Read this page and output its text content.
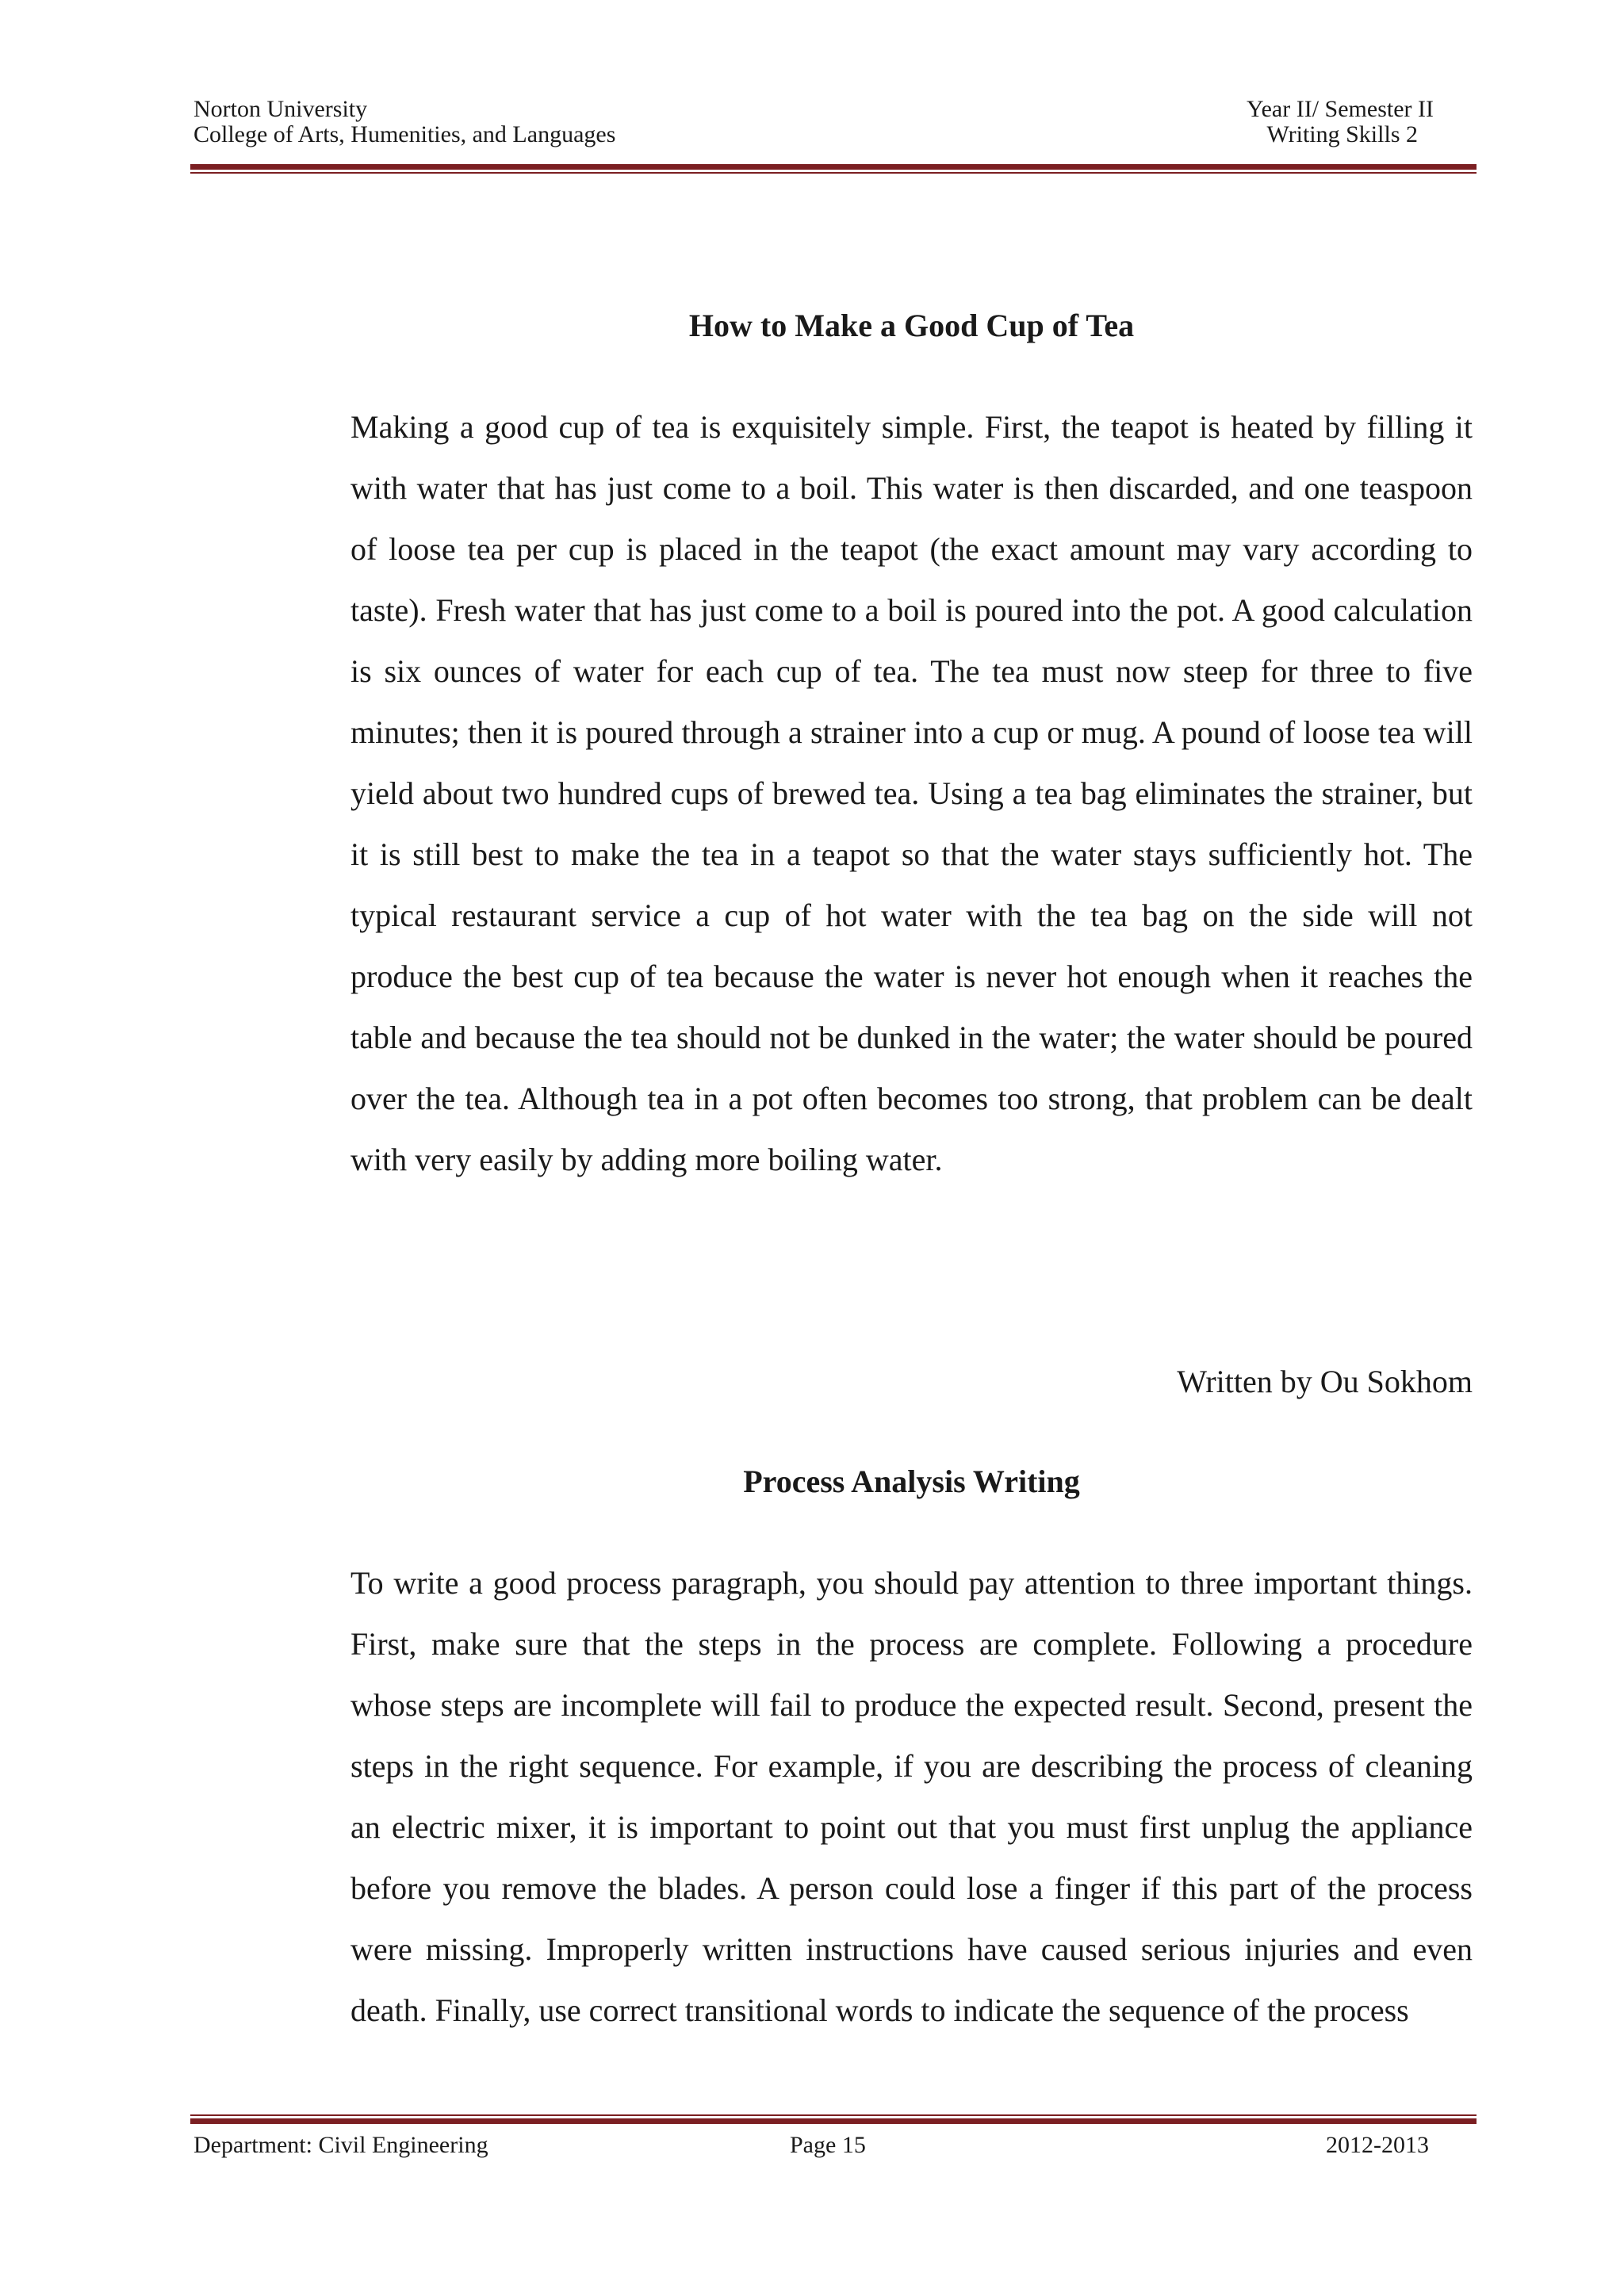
Norton University
College of Arts, Humenities, and Languages
Year II/ Semester II
Writing Skills 2
How to Make a Good Cup of Tea

Making a good cup of tea is exquisitely simple. First, the teapot is heated by filling it with water that has just come to a boil. This water is then discarded, and one teaspoon of loose tea per cup is placed in the teapot (the exact amount may vary according to taste). Fresh water that has just come to a boil is poured into the pot. A good calculation is six ounces of water for each cup of tea. The tea must now steep for three to five minutes; then it is poured through a strainer into a cup or mug. A pound of loose tea will yield about two hundred cups of brewed tea. Using a tea bag eliminates the strainer, but it is still best to make the tea in a teapot so that the water stays sufficiently hot. The typical restaurant service a cup of hot water with the tea bag on the side will not produce the best cup of tea because the water is never hot enough when it reaches the table and because the tea should not be dunked in the water; the water should be poured over the tea. Although tea in a pot often becomes too strong, that problem can be dealt with very easily by adding more boiling water.

Written by Ou Sokhom
Process Analysis Writing

To write a good process paragraph, you should pay attention to three important things. First, make sure that the steps in the process are complete. Following a procedure whose steps are incomplete will fail to produce the expected result. Second, present the steps in the right sequence. For example, if you are describing the process of cleaning an electric mixer, it is important to point out that you must first unplug the appliance before you remove the blades. A person could lose a finger if this part of the process were missing. Improperly written instructions have caused serious injuries and even death. Finally, use correct transitional words to indicate the sequence of the process

Department: Civil Engineering	Page 15	2012-2013
